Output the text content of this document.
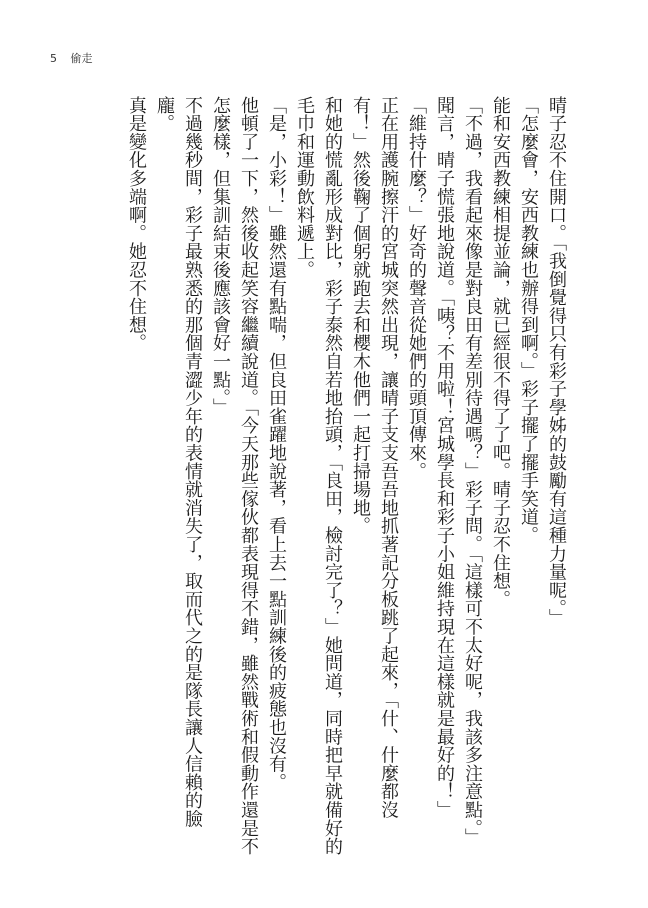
5 偷走

晴子忍不住開口。「我倒覺得只有彩子學姊的鼓勵有這種力量呢。」

「怎麼會，安西教練也辦得到啊。」彩子擺了擺手笑道。

能和安西教練相提並論，就已經很不得了了吧。晴子忍不住想。

「不過，我看起來像是對良田有差別待遇嗎？」彩子問。「這樣可不太好呢，我該多注意點。」

聞言，晴子慌張地說道。「咦？不用啦！宮城學長和彩子小姐維持現在這樣就是最好的！」

「維持什麼？」好奇的聲音從她們的頭頂傳來。

正在用護腕擦汗的宮城突然出現，讓晴子支支吾吾地抓著記分板跳了起來，「什、什麼都沒有！」然後鞠了個躬就跑去和櫻木他們一起打掃場地。

和她的慌亂形成對比，彩子泰然自若地抬頭，「良田，檢討完了？」她問道，同時把早就備好的毛巾和運動飲料遞上。

「是，小彩！」雖然還有點喘，但良田雀躍地說著，看上去一點訓練後的疲態也沒有。

他頓了一下，然後收起笑容繼續說道。「今天那些傢伙都表現得不錯，雖然戰術和假動作還是不怎麼樣，但集訓結束後應該會好一點。」

不過幾秒間，彩子最熟悉的那個青澀少年的表情就消失了，取而代之的是隊長讓人信賴的臉龐。

真是變化多端啊。她忍不住想。
